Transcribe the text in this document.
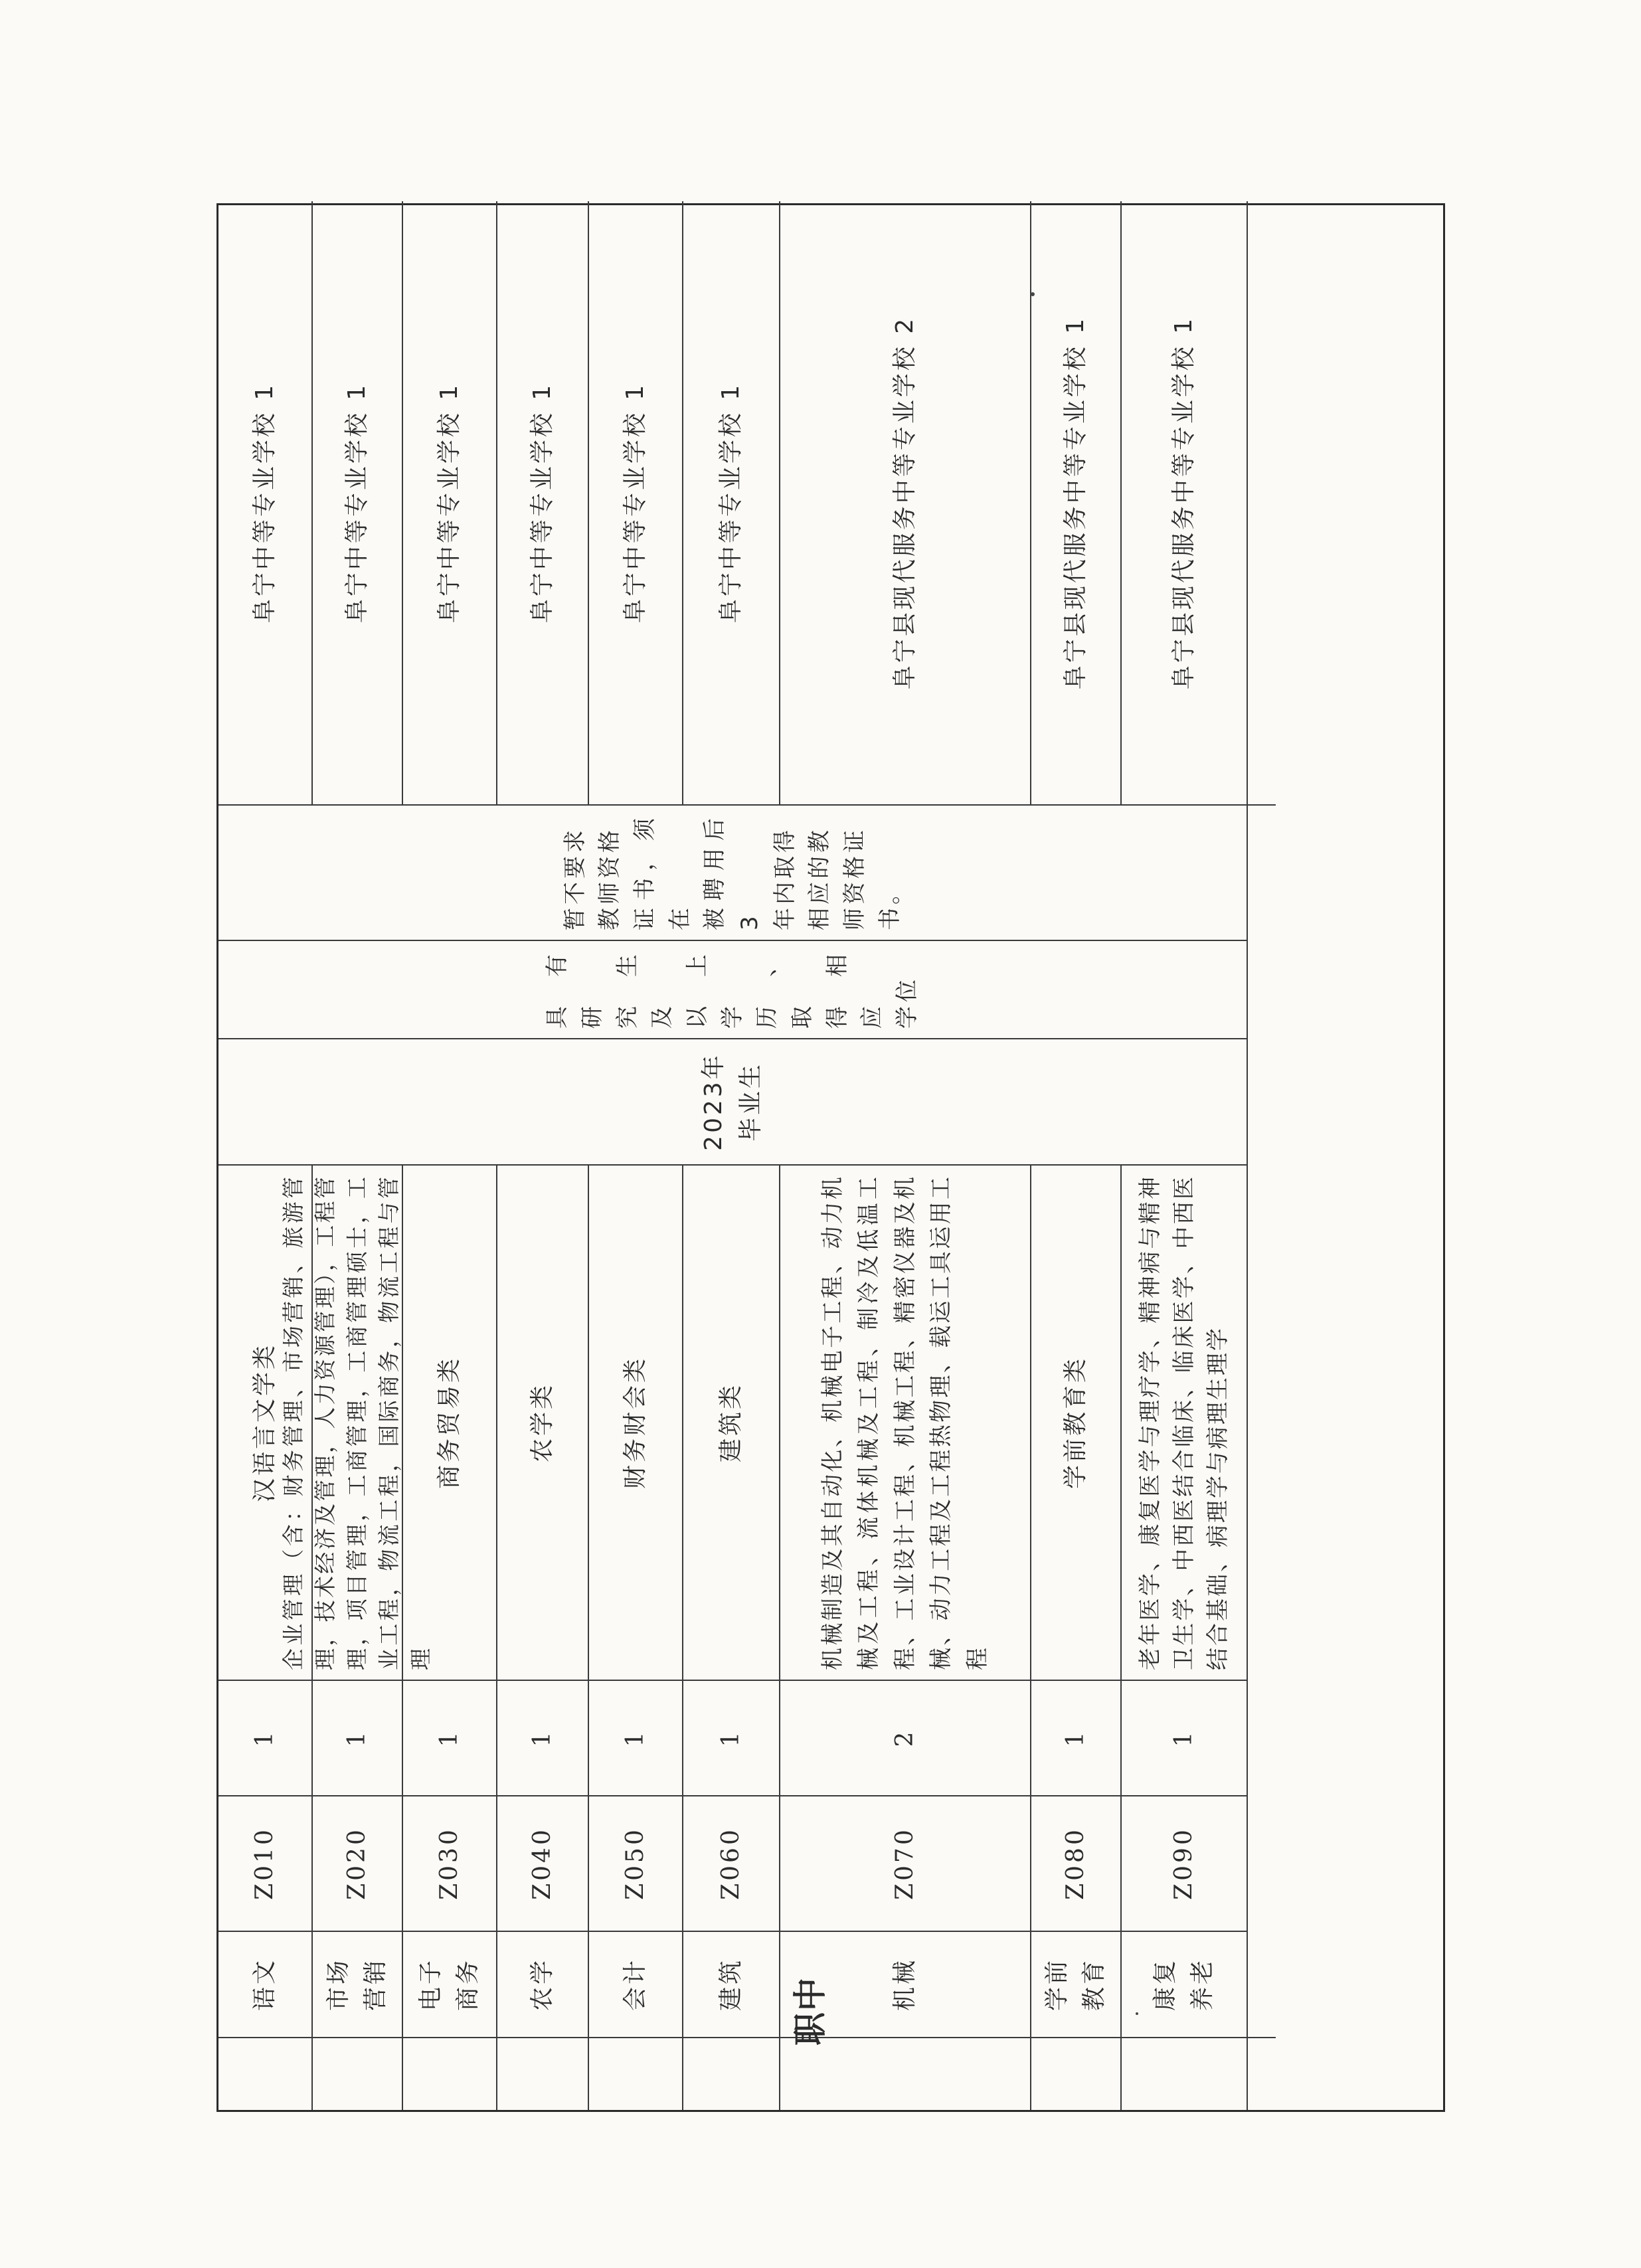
语文
Z010
1
汉语言文学类
2023年
毕业生
具有研
究生及
以上学
历、取
得相应
学位
暂不要求
教师资格
证书，须在
被聘用后3
年内取得
相应的教
师资格证
书。
阜宁中等专业学校 1
市场
营销
Z020
1
企业管理（含：财务管理、市场营销、旅游管理，技术经济及管理，人力资源管理），工程管理，项目管理，工商管理，工商管理硕士，工业工程，物流工程，国际商务，物流工程与管理
阜宁中等专业学校 1
电子
商务
Z030
1
商务贸易类
阜宁中等专业学校 1
农学
Z040
1
农学类
阜宁中等专业学校 1
会计
Z050
1
财务财会类
阜宁中等专业学校 1
建筑
Z060
1
建筑类
阜宁中等专业学校 1
机械
Z070
2
机械制造及其自动化、机械电子工程、动力机械及工程、流体机械及工程、制冷及低温工程、工业设计工程、机械工程、精密仪器及机械、动力工程及工程热物理、载运工具运用工程
阜宁县现代服务中等专业学校 2
学前
教育
Z080
1
学前教育类
阜宁县现代服务中等专业学校 1
康复
养老
Z090
1
老年医学、康复医学与理疗学、精神病与精神卫生学、中西医结合临床、临床医学、中西医结合基础、病理学与病理生理学
阜宁县现代服务中等专业学校 1
职中
